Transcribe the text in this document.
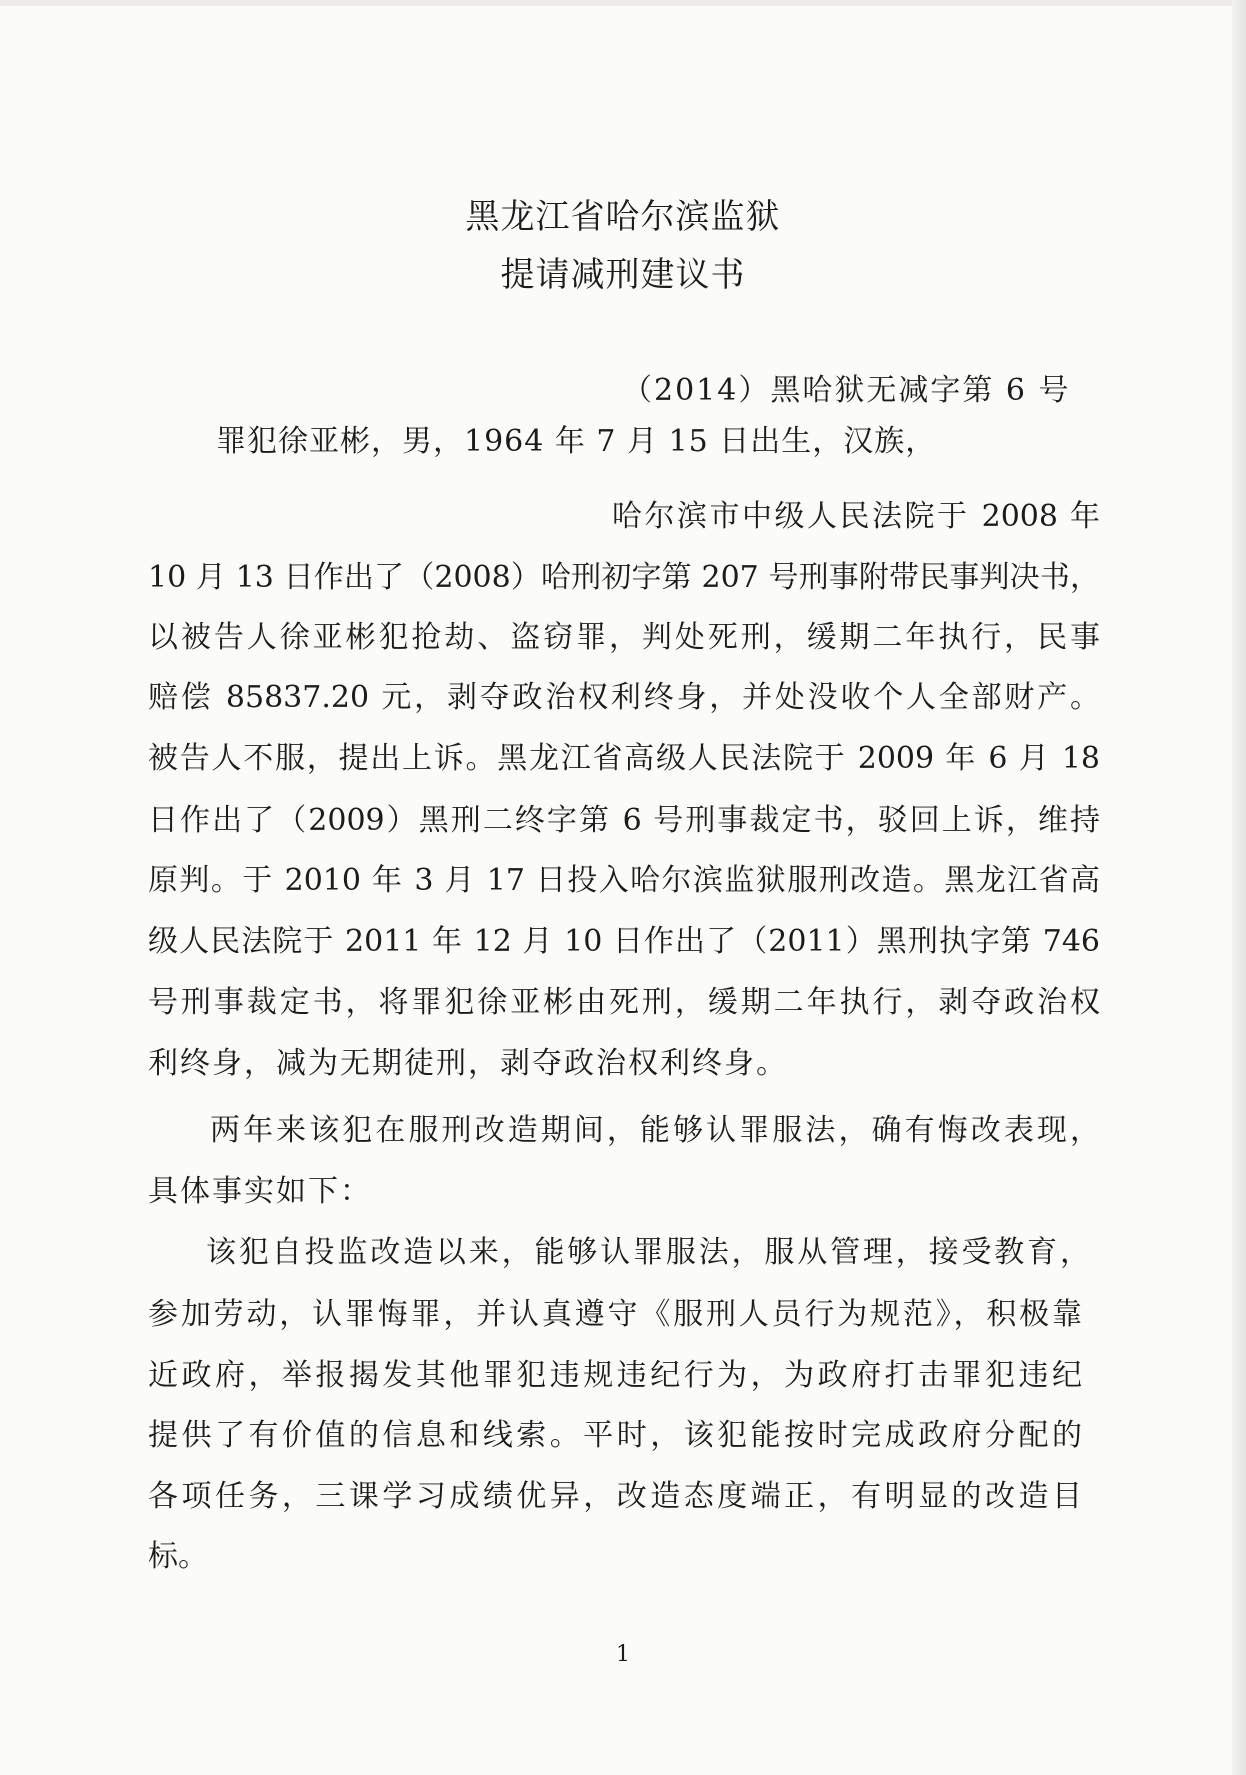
黑龙江省哈尔滨监狱
提请减刑建议书
（2014）黑哈狱无减字第 6 号
罪犯徐亚彬，男，1964 年 7 月 15 日出生，汉族，
哈尔滨市中级人民法院于 2008 年
10 月 13 日作出了（2008）哈刑初字第 207 号刑事附带民事判决书，
以被告人徐亚彬犯抢劫、盗窃罪，判处死刑，缓期二年执行，民事
赔偿 85837.20 元，剥夺政治权利终身，并处没收个人全部财产。
被告人不服，提出上诉。黑龙江省高级人民法院于 2009 年 6 月 18
日作出了（2009）黑刑二终字第 6 号刑事裁定书，驳回上诉，维持
原判。于 2010 年 3 月 17 日投入哈尔滨监狱服刑改造。黑龙江省高
级人民法院于 2011 年 12 月 10 日作出了（2011）黑刑执字第 746
号刑事裁定书，将罪犯徐亚彬由死刑，缓期二年执行，剥夺政治权
利终身，减为无期徒刑，剥夺政治权利终身。
两年来该犯在服刑改造期间，能够认罪服法，确有悔改表现，
具体事实如下：
该犯自投监改造以来，能够认罪服法，服从管理，接受教育，
参加劳动，认罪悔罪，并认真遵守《服刑人员行为规范》，积极靠
近政府，举报揭发其他罪犯违规违纪行为，为政府打击罪犯违纪
提供了有价值的信息和线索。平时，该犯能按时完成政府分配的
各项任务，三课学习成绩优异，改造态度端正，有明显的改造目
标。
1
